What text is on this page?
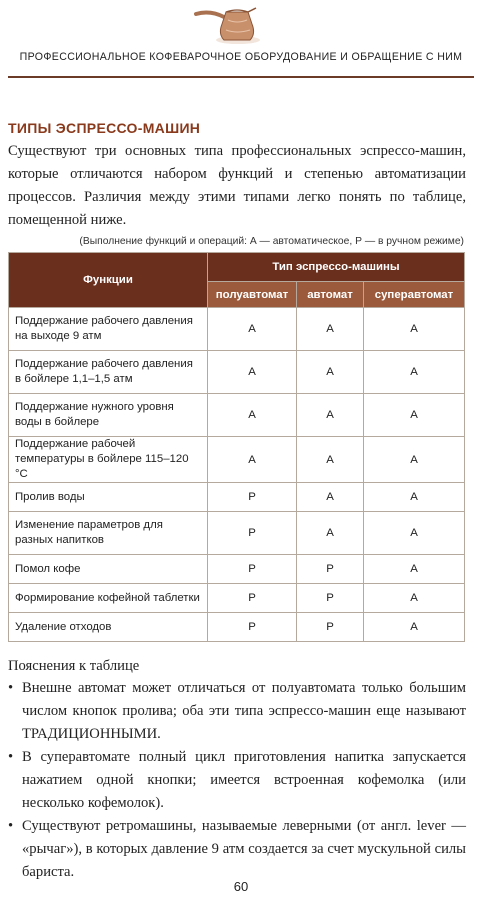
ПРОФЕССИОНАЛЬНОЕ КОФЕВАРОЧНОЕ ОБОРУДОВАНИЕ И ОБРАЩЕНИЕ С НИМ
ТИПЫ ЭСПРЕССО-МАШИН

Существуют три основных типа профессиональных эспрессо-машин, которые отличаются набором функций и степенью автоматизации процессов. Различия между этими типами легко понять по таблице, помещенной ниже.

(Выполнение функций и операций: А — автоматическое, Р — в ручном режиме)
Функции	Тип эспрессо-машины		
	полуавтомат	автомат	суперавтомат
Поддержание рабочего давления на выходе 9 атм	А	А	А
Поддержание рабочего давления в бойлере 1,1–1,5 атм	А	А	А
Поддержание нужного уровня воды в бойлере	А	А	А
Поддержание рабочей температуры в бойлере 115–120 °С	А	А	А
Пролив воды	Р	А	А
Изменение параметров для разных напитков	Р	А	А
Помол кофе	Р	Р	А
Формирование кофейной таблетки	Р	Р	А
Удаление отходов	Р	Р	А

Пояснения к таблице

• Внешне автомат может отличаться от полуавтомата только большим числом кнопок пролива; оба эти типа эспрессо-машин еще называют ТРАДИЦИОННЫМИ.
• В суперавтомате полный цикл приготовления напитка запускается нажатием одной кнопки; имеется встроенная кофемолка (или несколько кофемолок).
• Существуют ретромашины, называемые леверными (от англ. lever — «рычаг»), в которых давление 9 атм создается за счет мускульной силы бариста.
60
